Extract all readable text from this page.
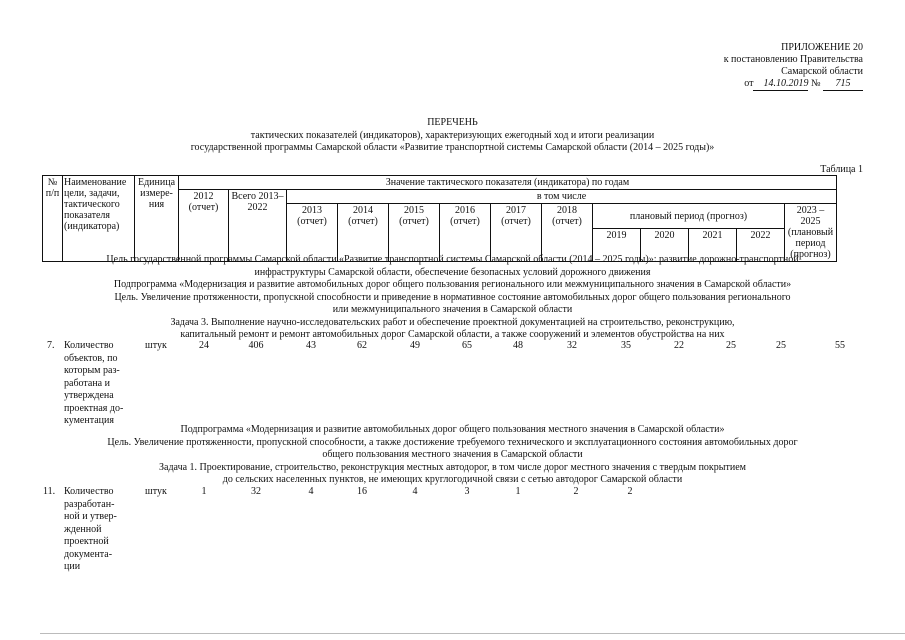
ПРИЛОЖЕНИЕ 20
к постановлению Правительства
Самарской области
от 14.10.2019 № 715
ПЕРЕЧЕНЬ
тактических показателей (индикаторов), характеризующих ежегодный ход и итоги реализации
государственной программы Самарской области «Развитие транспортной системы Самарской области (2014 – 2025 годы)»
Таблица 1
№ п/п	Наименование цели, задачи, тактического показателя (индикатора)	Единица измере-ния	Значение тактического показателя (индикатора) по годам												
			2012 (отчет)	Всего 2013–2022	в том числе										
					2013 (отчет)	2014 (отчет)	2015 (отчет)	2016 (отчет)	2017 (отчет)	2018 (отчет)	плановый период (прогноз)				2023 – 2025 (плановый период (прогноз)
											2019	2020	2021	2022	
Цель государственной программы Самарской области «Развитие транспортной системы Самарской области (2014 – 2025 годы)»: развитие дорожно-транспортной
инфраструктуры Самарской области, обеспечение безопасных условий дорожного движения
Подпрограмма «Модернизация и развитие автомобильных дорог общего пользования регионального или межмуниципального значения в Самарской области»
Цель. Увеличение протяженности, пропускной способности и приведение в нормативное состояние автомобильных дорог общего пользования регионального
или межмуниципального значения в Самарской области
Задача 3. Выполнение научно-исследовательских работ и обеспечение проектной документацией на строительство, реконструкцию,
капитальный ремонт и ремонт автомобильных дорог Самарской области, а также сооружений и элементов обустройства на них
7. Количество
объектов, по
которым раз-
работана и
утверждена
проектная до-
кументация
штук	24	406	43	62	49	65	48	32	35	22	25	25	55
Подпрограмма «Модернизация и развитие автомобильных дорог общего пользования местного значения в Самарской области»
Цель. Увеличение протяженности, пропускной способности, а также достижение требуемого технического и эксплуатационного состояния автомобильных дорог
общего пользования местного значения в Самарской области
Задача 1. Проектирование, строительство, реконструкция местных автодорог, в том числе дорог местного значения с твердым покрытием
до сельских населенных пунктов, не имеющих круглогодичной связи с сетью автодорог Самарской области
11. Количество
разработан-
ной и утвер-
жденной
проектной
документа-
ции
штук	1	32	4	16	4	3	1	2	2
